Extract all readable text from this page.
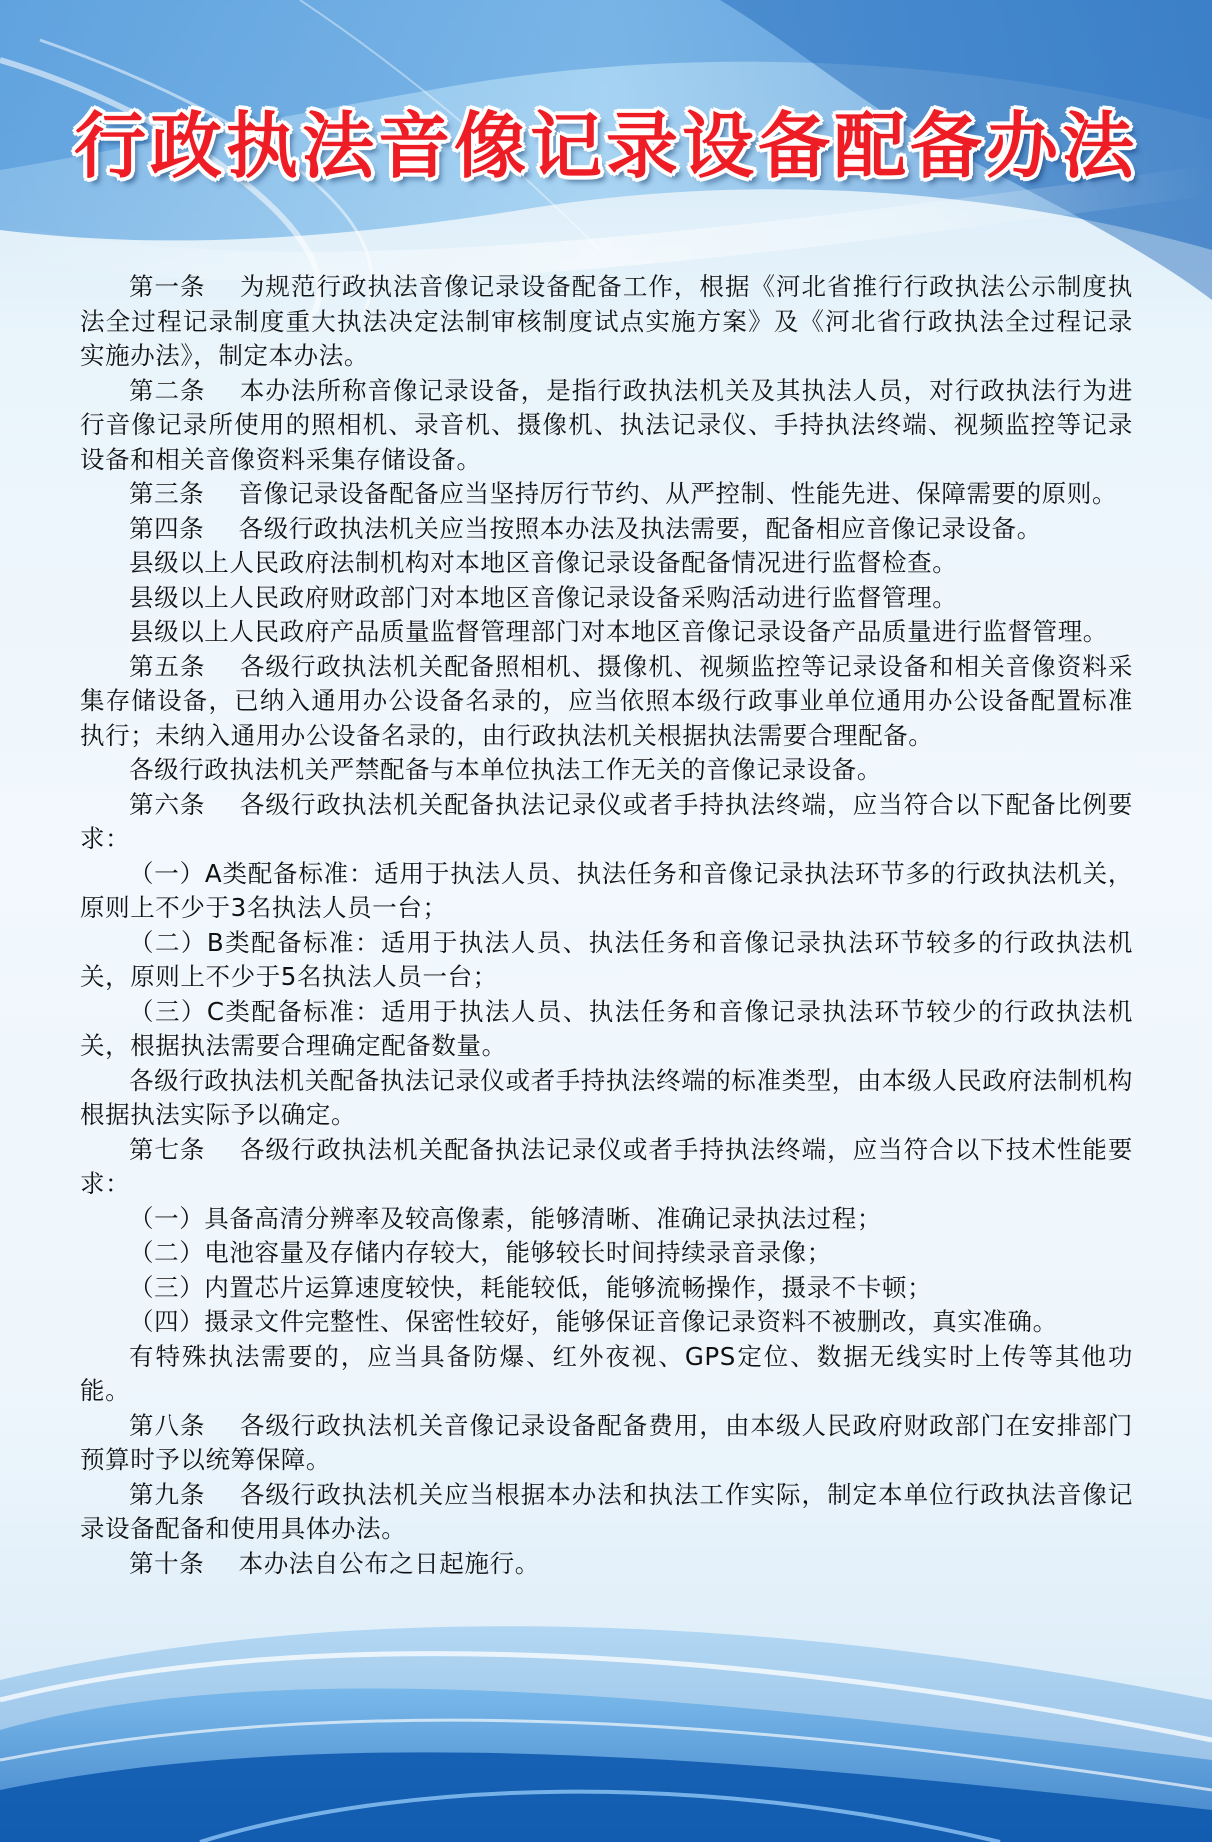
行政执法音像记录设备配备办法

第一条 为规范行政执法音像记录设备配备工作，根据《河北省推行行政执法公示制度执法全过程记录制度重大执法决定法制审核制度试点实施方案》及《河北省行政执法全过程记录实施办法》，制定本办法。

第二条 本办法所称音像记录设备，是指行政执法机关及其执法人员，对行政执法行为进行音像记录所使用的照相机、录音机、摄像机、执法记录仪、手持执法终端、视频监控等记录设备和相关音像资料采集存储设备。

第三条 音像记录设备配备应当坚持厉行节约、从严控制、性能先进、保障需要的原则。

第四条 各级行政执法机关应当按照本办法及执法需要，配备相应音像记录设备。

县级以上人民政府法制机构对本地区音像记录设备配备情况进行监督检查。

县级以上人民政府财政部门对本地区音像记录设备采购活动进行监督管理。

县级以上人民政府产品质量监督管理部门对本地区音像记录设备产品质量进行监督管理。

第五条 各级行政执法机关配备照相机、摄像机、视频监控等记录设备和相关音像资料采集存储设备，已纳入通用办公设备名录的，应当依照本级行政事业单位通用办公设备配置标准执行；未纳入通用办公设备名录的，由行政执法机关根据执法需要合理配备。

各级行政执法机关严禁配备与本单位执法工作无关的音像记录设备。

第六条 各级行政执法机关配备执法记录仪或者手持执法终端，应当符合以下配备比例要求：

（一）A类配备标准：适用于执法人员、执法任务和音像记录执法环节多的行政执法机关，原则上不少于3名执法人员一台；

（二）B类配备标准：适用于执法人员、执法任务和音像记录执法环节较多的行政执法机关，原则上不少于5名执法人员一台；

（三）C类配备标准：适用于执法人员、执法任务和音像记录执法环节较少的行政执法机关，根据执法需要合理确定配备数量。

各级行政执法机关配备执法记录仪或者手持执法终端的标准类型，由本级人民政府法制机构根据执法实际予以确定。

第七条 各级行政执法机关配备执法记录仪或者手持执法终端，应当符合以下技术性能要求：

（一）具备高清分辨率及较高像素，能够清晰、准确记录执法过程；

（二）电池容量及存储内存较大，能够较长时间持续录音录像；

（三）内置芯片运算速度较快，耗能较低，能够流畅操作，摄录不卡顿；

（四）摄录文件完整性、保密性较好，能够保证音像记录资料不被删改，真实准确。

有特殊执法需要的，应当具备防爆、红外夜视、GPS定位、数据无线实时上传等其他功能。

第八条 各级行政执法机关音像记录设备配备费用，由本级人民政府财政部门在安排部门预算时予以统筹保障。

第九条 各级行政执法机关应当根据本办法和执法工作实际，制定本单位行政执法音像记录设备配备和使用具体办法。

第十条 本办法自公布之日起施行。
